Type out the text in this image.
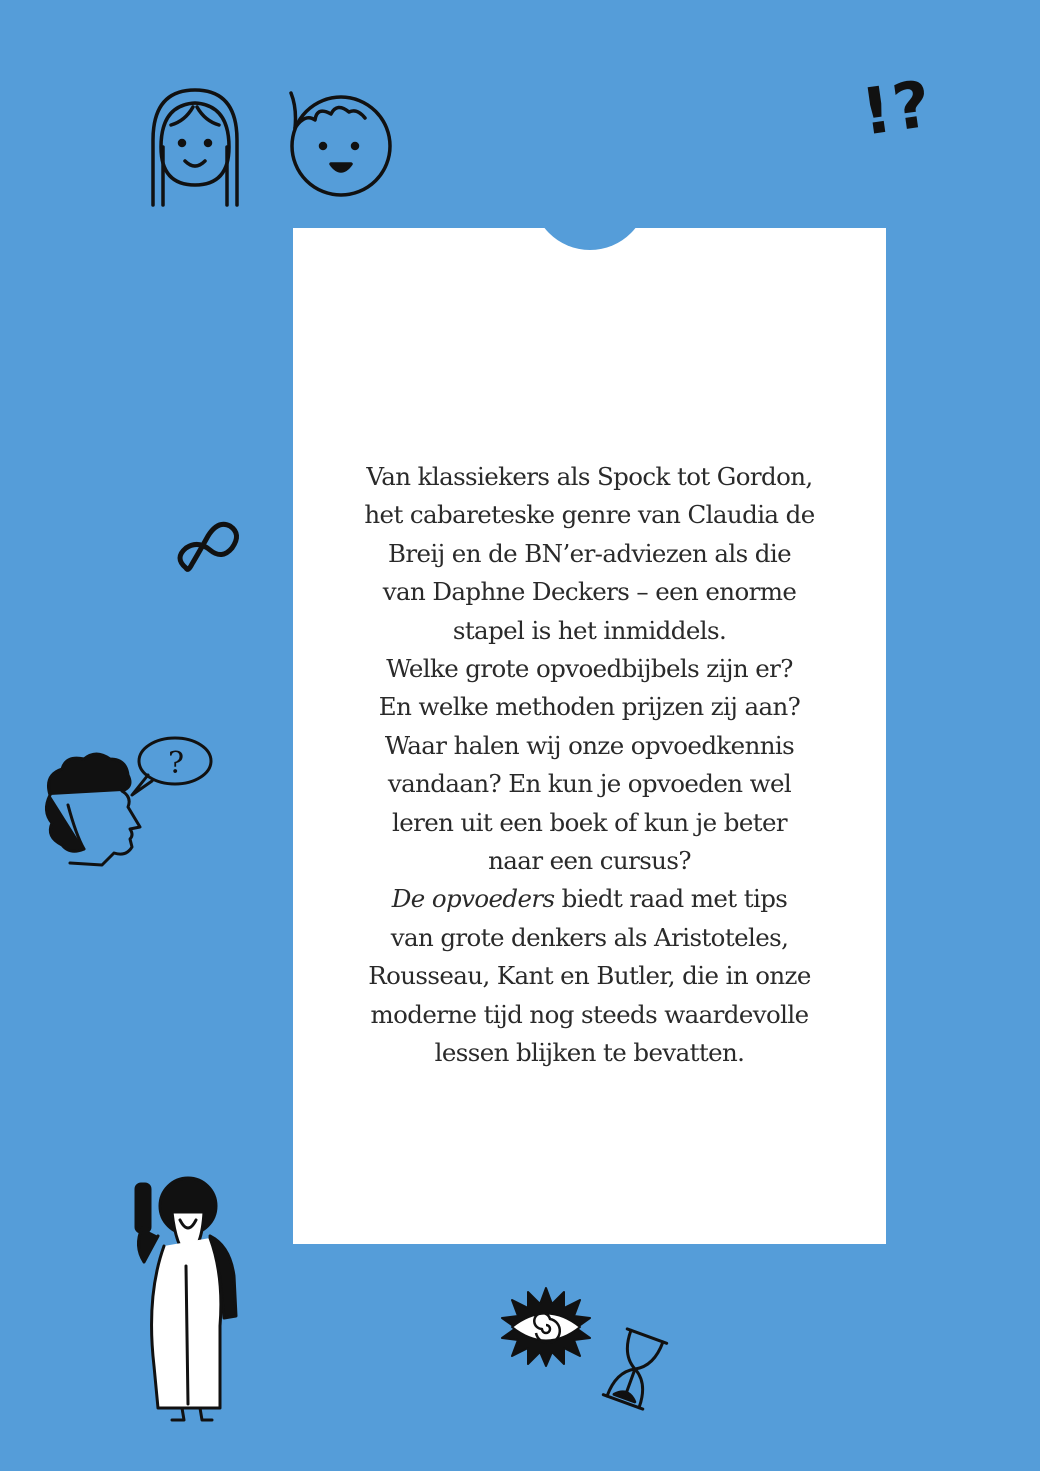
Van klassiekers als Spock tot Gordon,
het cabareteske genre van Claudia de
Breij en de BN’er-adviezen als die
van Daphne Deckers – een enorme
stapel is het inmiddels.
Welke grote opvoedbijbels zijn er?
En welke methoden prijzen zij aan?
Waar halen wij onze opvoedkennis
vandaan? En kun je opvoeden wel
leren uit een boek of kun je beter
naar een cursus?
De opvoeders biedt raad met tips
van grote denkers als Aristoteles,
Rousseau, Kant en Butler, die in onze
moderne tijd nog steeds waardevolle
lessen blijken te bevatten.
!?
?
